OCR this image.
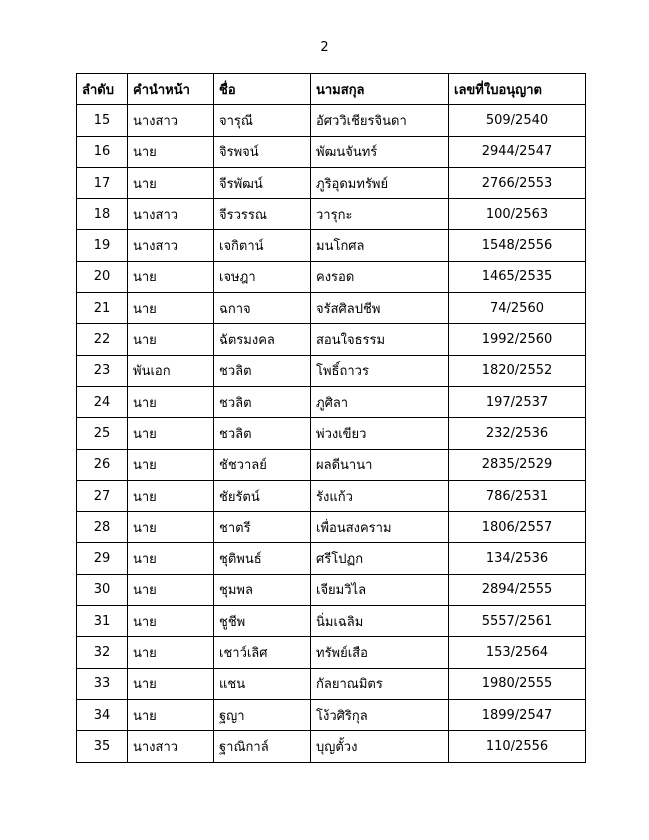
2
ลำดับ	คำนำหน้า	ชื่อ	นามสกุล	เลขที่ใบอนุญาต
15	นางสาว	จารุณี	อัศววิเชียรจินดา	509/2540
16	นาย	จิรพจน์	พัฒนจันทร์	2944/2547
17	นาย	จีรพัฒน์	ภูริอุดมทรัพย์	2766/2553
18	นางสาว	จีรวรรณ	วารุกะ	100/2563
19	นางสาว	เจกิตาน์	มนโกศล	1548/2556
20	นาย	เจษฎา	คงรอด	1465/2535
21	นาย	ฉกาจ	จรัสศิลปชีพ	74/2560
22	นาย	ฉัตรมงคล	สอนใจธรรม	1992/2560
23	พันเอก	ชวลิต	โพธิ์ถาวร	1820/2552
24	นาย	ชวลิต	ภูศิลา	197/2537
25	นาย	ชวลิต	พ่วงเขียว	232/2536
26	นาย	ชัชวาลย์	ผลดีนานา	2835/2529
27	นาย	ชัยรัตน์	รังแก้ว	786/2531
28	นาย	ชาตรี	เพื่อนสงคราม	1806/2557
29	นาย	ชุติพนธ์	ศรีโปฏก	134/2536
30	นาย	ชุมพล	เจียมวิไล	2894/2555
31	นาย	ชูชีพ	นิ่มเฉลิม	5557/2561
32	นาย	เชาว์เลิศ	ทรัพย์เสือ	153/2564
33	นาย	แชน	กัลยาณมิตร	1980/2555
34	นาย	ฐญา	โง้วศิริกุล	1899/2547
35	นางสาว	ฐาณิกาล์	บุญตั้วง	110/2556
